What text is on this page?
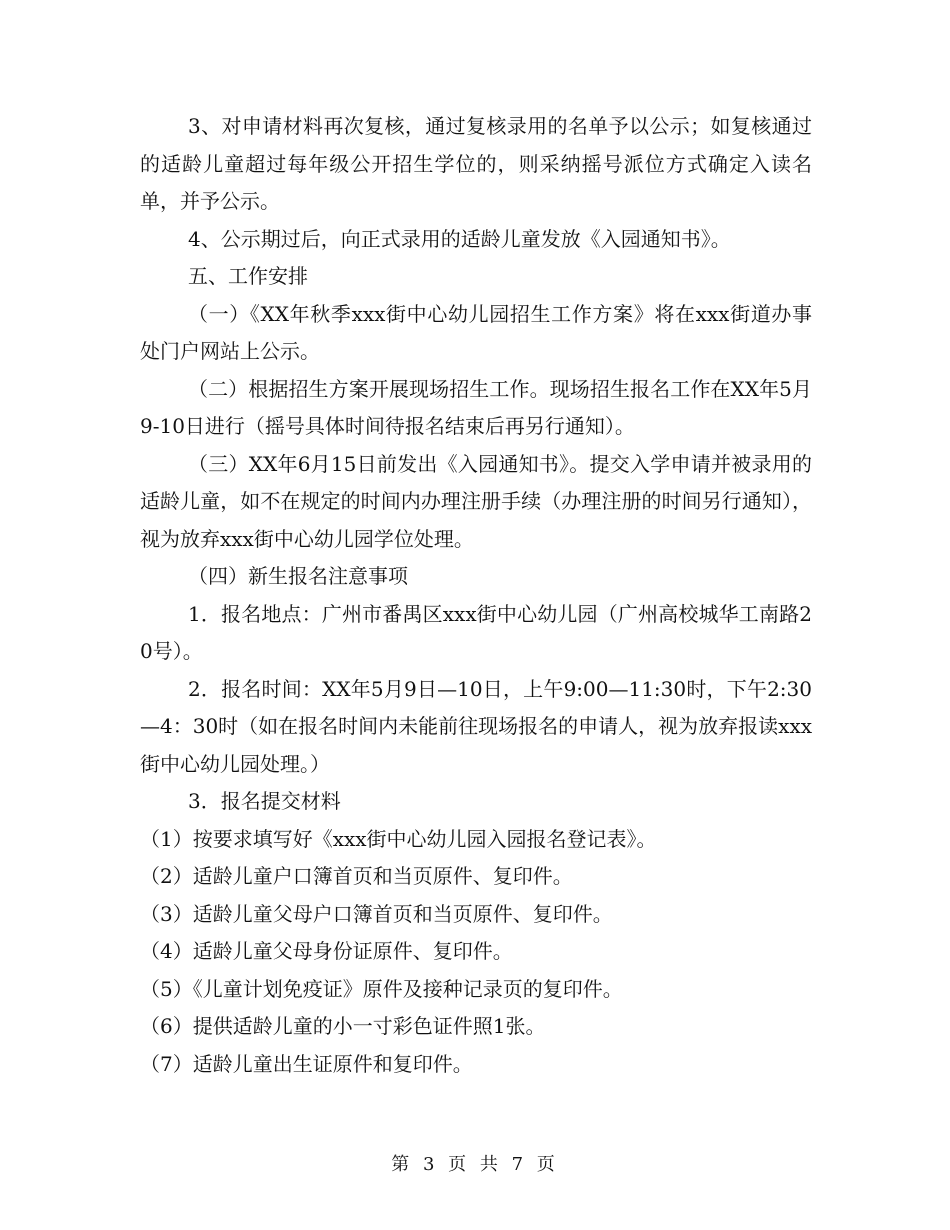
3、对申请材料再次复核，通过复核录用的名单予以公示；如复核通过的适龄儿童超过每年级公开招生学位的，则采纳摇号派位方式确定入读名单，并予公示。

4、公示期过后，向正式录用的适龄儿童发放《入园通知书》。

五、工作安排

（一）《XX年秋季xxx街中心幼儿园招生工作方案》将在xxx街道办事处门户网站上公示。

（二）根据招生方案开展现场招生工作。现场招生报名工作在XX年5月9-10日进行（摇号具体时间待报名结束后再另行通知）。

（三）XX年6月15日前发出《入园通知书》。提交入学申请并被录用的适龄儿童，如不在规定的时间内办理注册手续（办理注册的时间另行通知），视为放弃xxx街中心幼儿园学位处理。

（四）新生报名注意事项

1．报名地点：广州市番禺区xxx街中心幼儿园（广州高校城华工南路20号）。

2．报名时间：XX年5月9日—10日，上午9:00—11:30时，下午2:30—4：30时（如在报名时间内未能前往现场报名的申请人，视为放弃报读xxx街中心幼儿园处理。）

3．报名提交材料

（1）按要求填写好《xxx街中心幼儿园入园报名登记表》。

（2）适龄儿童户口簿首页和当页原件、复印件。

（3）适龄儿童父母户口簿首页和当页原件、复印件。

（4）适龄儿童父母身份证原件、复印件。

（5）《儿童计划免疫证》原件及接种记录页的复印件。

（6）提供适龄儿童的小一寸彩色证件照1张。

（7）适龄儿童出生证原件和复印件。

第 3 页 共 7 页
